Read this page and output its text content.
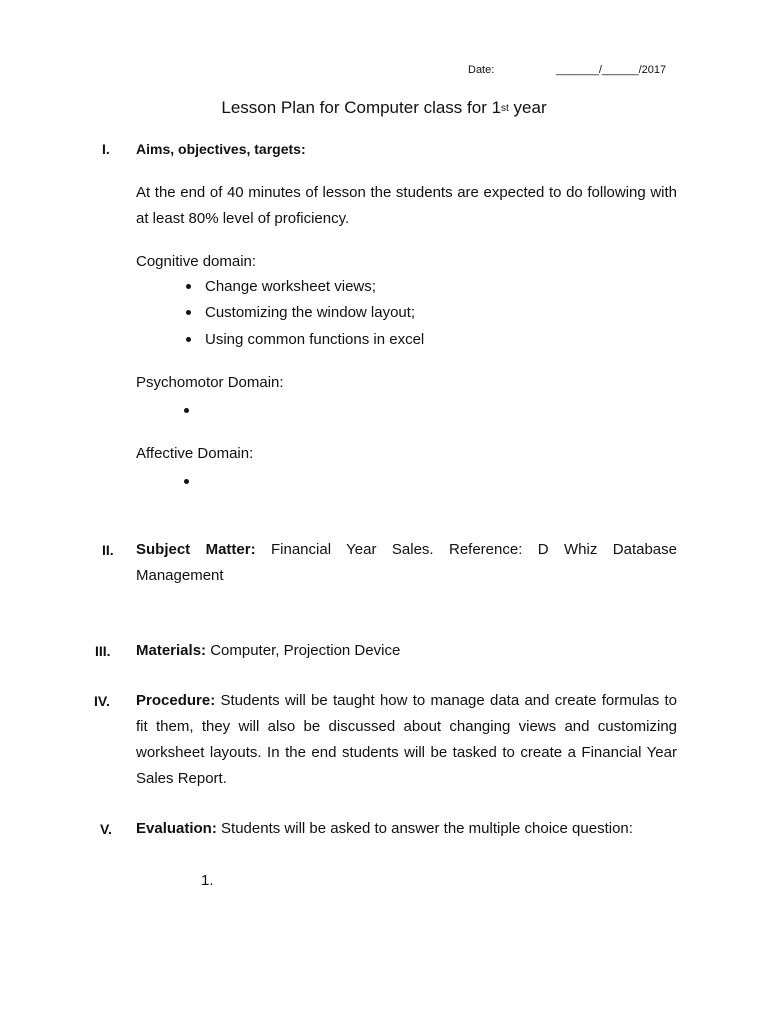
Date:	_______/______/2017
Lesson Plan for Computer class for 1st year
I.	Aims, objectives, targets:
At the end of 40 minutes of lesson the students are expected to do following with at least 80% level of proficiency.
Cognitive domain:
Change worksheet views;
Customizing the window layout;
Using common functions in excel
Psychomotor Domain:
Affective Domain:
II.	Subject Matter: Financial Year Sales. Reference: D Whiz Database Management
III.	Materials: Computer, Projection Device
IV.	Procedure: Students will be taught how to manage data and create formulas to fit them, they will also be discussed about changing views and customizing worksheet layouts. In the end students will be tasked to create a Financial Year Sales Report.
V.	Evaluation: Students will be asked to answer the multiple choice question:
1.
